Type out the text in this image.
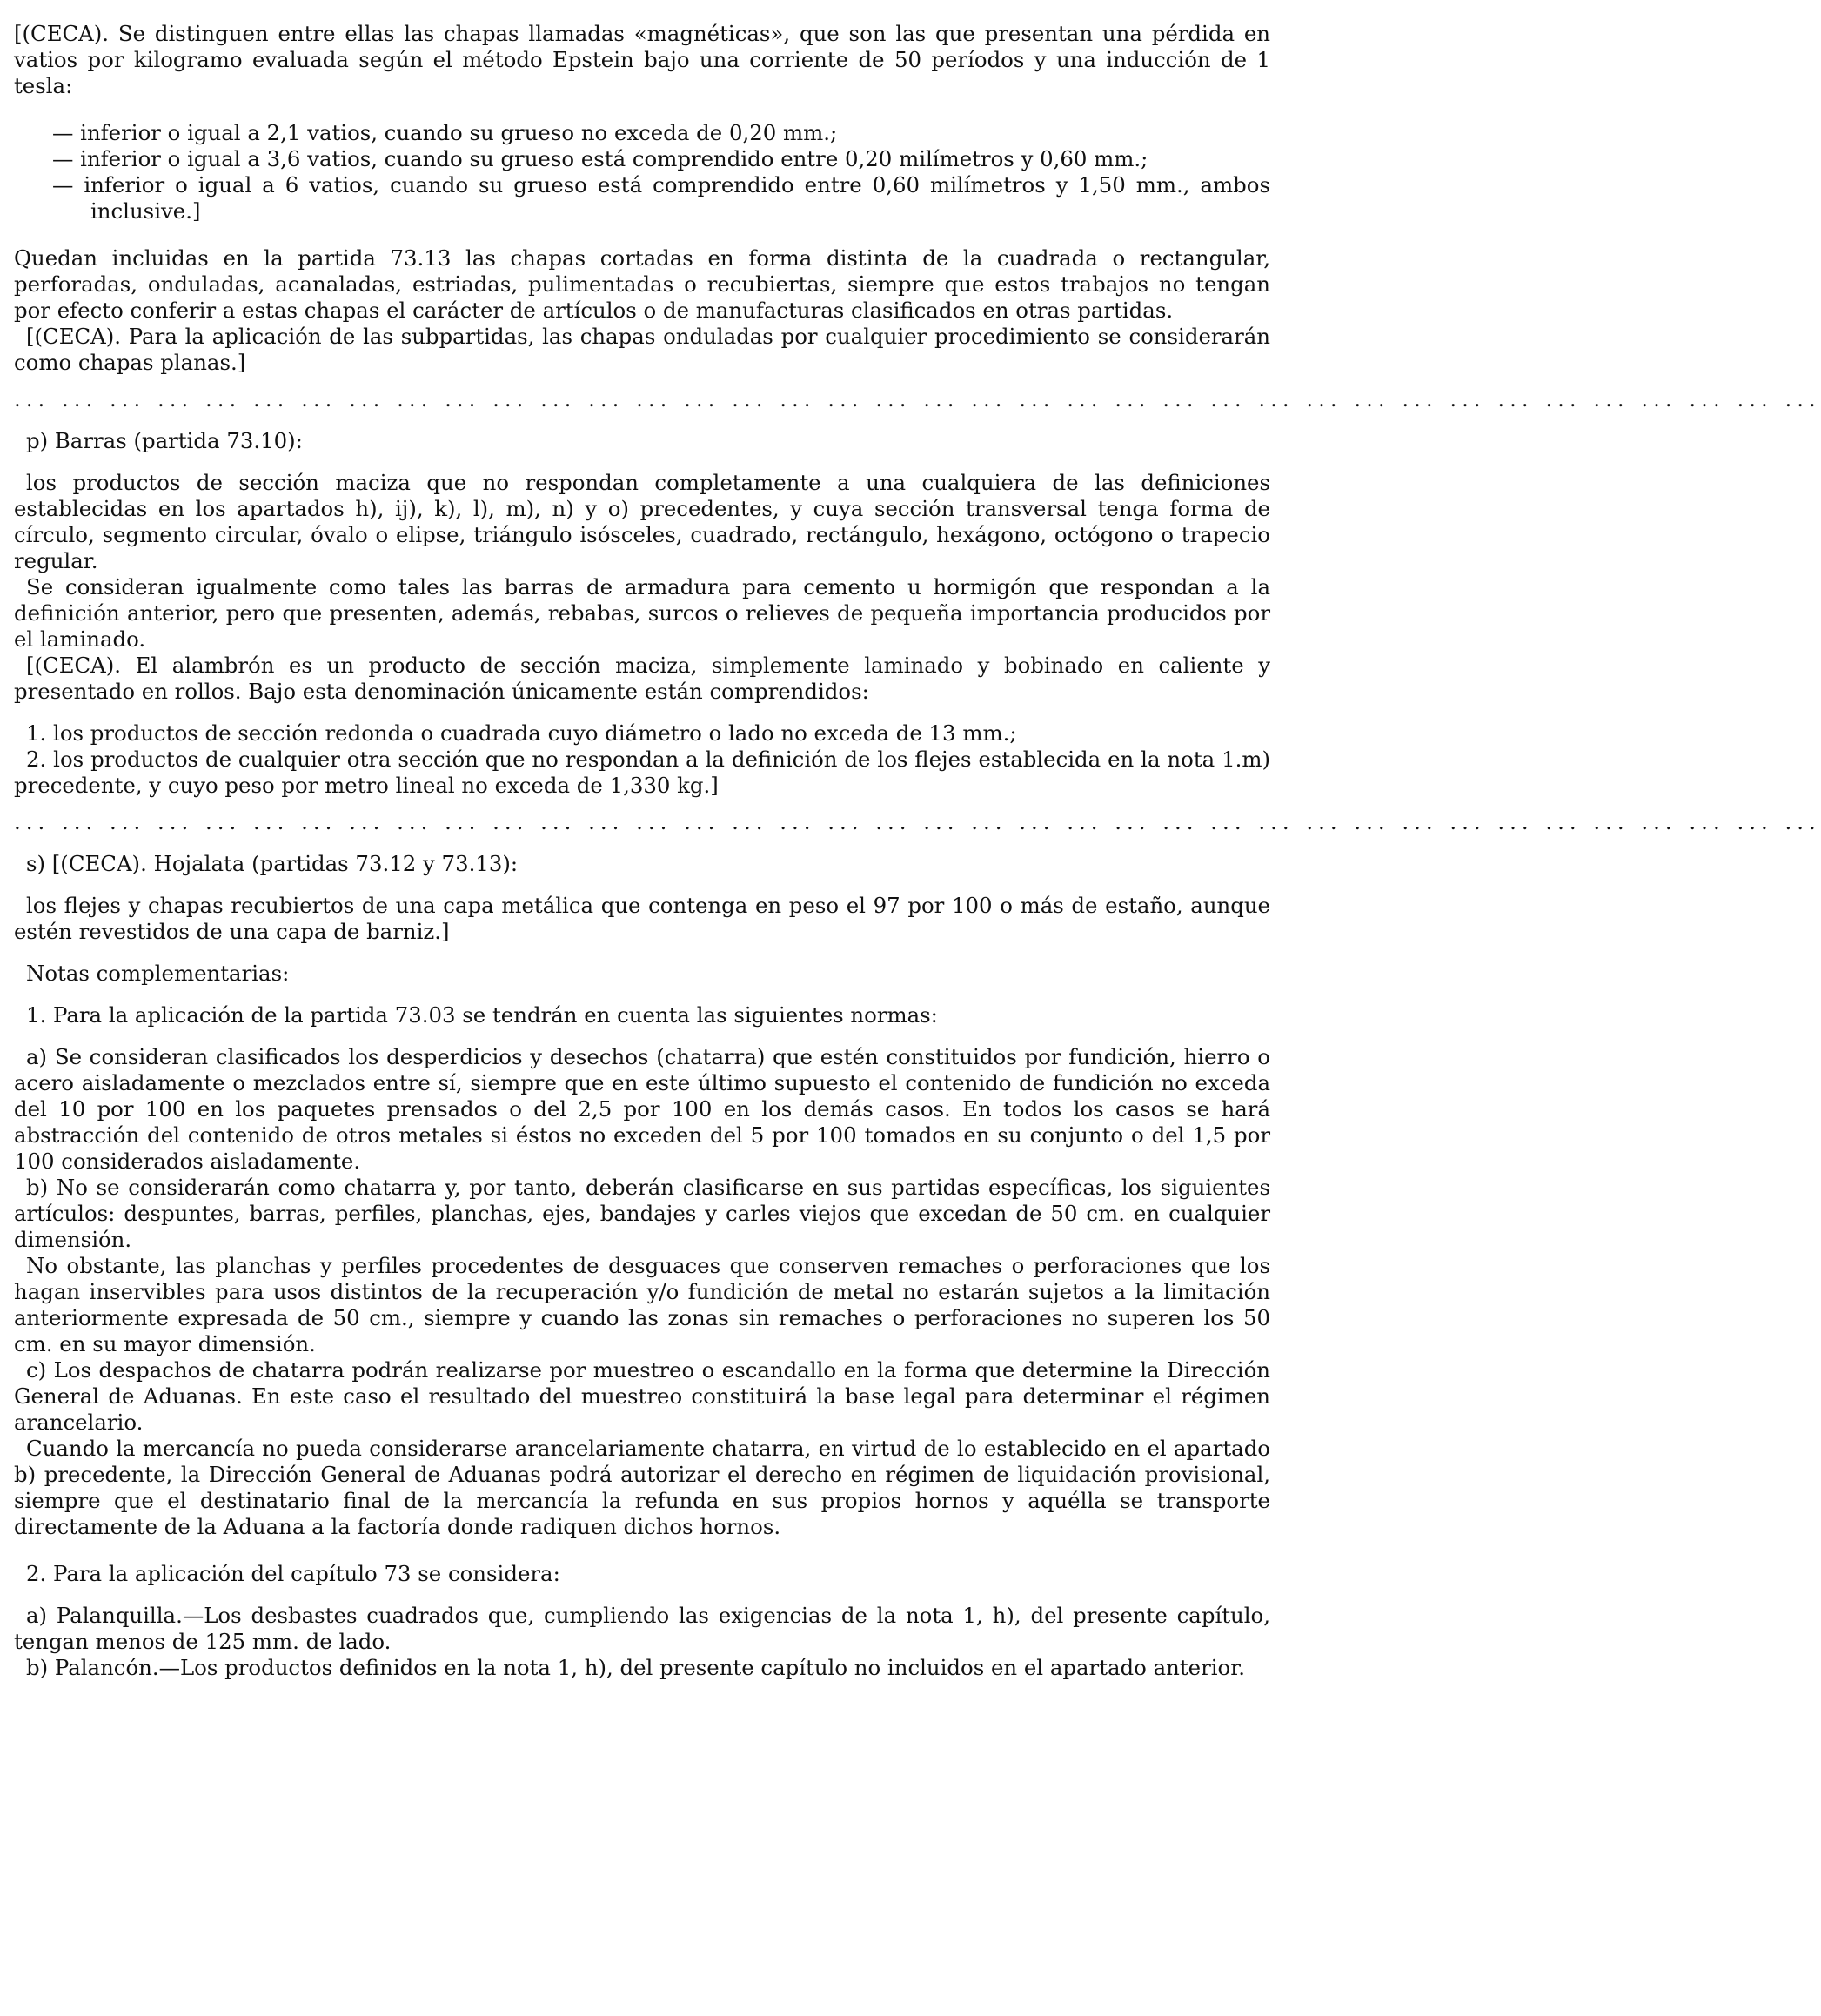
[(CECA). Se distinguen entre ellas las chapas llamadas «magnéticas», que son las que presentan una pérdida en vatios por kilogramo evaluada según el método Epstein bajo una corriente de 50 períodos y una inducción de 1 tesla:

— inferior o igual a 2,1 vatios, cuando su grueso no exceda de 0,20 mm.;

— inferior o igual a 3,6 vatios, cuando su grueso está comprendido entre 0,20 milímetros y 0,60 mm.;

— inferior o igual a 6 vatios, cuando su grueso está comprendido entre 0,60 milímetros y 1,50 mm., ambos inclusive.]

Quedan incluidas en la partida 73.13 las chapas cortadas en forma distinta de la cuadrada o rectangular, perforadas, onduladas, acanaladas, estriadas, pulimentadas o recubiertas, siempre que estos trabajos no tengan por efecto conferir a estas chapas el carácter de artículos o de manufacturas clasificados en otras partidas.

[(CECA). Para la aplicación de las subpartidas, las chapas onduladas por cualquier procedimiento se considerarán como chapas planas.]

... ... ... ... ... ... ... ... ... ... ... ... ... ... ... ... ... ... ... ... ... ... ... ... ... ... ... ... ... ... ... ... ... ... ... ... ... ...

p) Barras (partida 73.10):

los productos de sección maciza que no respondan completamente a una cualquiera de las definiciones establecidas en los apartados h), ij), k), l), m), n) y o) precedentes, y cuya sección transversal tenga forma de círculo, segmento circular, óvalo o elipse, triángulo isósceles, cuadrado, rectángulo, hexágono, octógono o trapecio regular.

Se consideran igualmente como tales las barras de armadura para cemento u hormigón que respondan a la definición anterior, pero que presenten, además, rebabas, surcos o relieves de pequeña importancia producidos por el laminado.

[(CECA). El alambrón es un producto de sección maciza, simplemente laminado y bobinado en caliente y presentado en rollos. Bajo esta denominación únicamente están comprendidos:

1. los productos de sección redonda o cuadrada cuyo diámetro o lado no exceda de 13 mm.;

2. los productos de cualquier otra sección que no respondan a la definición de los flejes establecida en la nota 1.m) precedente, y cuyo peso por metro lineal no exceda de 1,330 kg.]

... ... ... ... ... ... ... ... ... ... ... ... ... ... ... ... ... ... ... ... ... ... ... ... ... ... ... ... ... ... ... ... ... ... ... ... ... ...

s) [(CECA). Hojalata (partidas 73.12 y 73.13):

los flejes y chapas recubiertos de una capa metálica que contenga en peso el 97 por 100 o más de estaño, aunque estén revestidos de una capa de barniz.]

Notas complementarias:

1. Para la aplicación de la partida 73.03 se tendrán en cuenta las siguientes normas:

a) Se consideran clasificados los desperdicios y desechos (chatarra) que estén constituidos por fundición, hierro o acero aisladamente o mezclados entre sí, siempre que en este último supuesto el contenido de fundición no exceda del 10 por 100 en los paquetes prensados o del 2,5 por 100 en los demás casos. En todos los casos se hará abstracción del contenido de otros metales si éstos no exceden del 5 por 100 tomados en su conjunto o del 1,5 por 100 considerados aisladamente.

b) No se considerarán como chatarra y, por tanto, deberán clasificarse en sus partidas específicas, los siguientes artículos: despuntes, barras, perfiles, planchas, ejes, bandajes y carles viejos que excedan de 50 cm. en cualquier dimensión.

No obstante, las planchas y perfiles procedentes de desguaces que conserven remaches o perforaciones que los hagan inservibles para usos distintos de la recuperación y/o fundición de metal no estarán sujetos a la limitación anteriormente expresada de 50 cm., siempre y cuando las zonas sin remaches o perforaciones no superen los 50 cm. en su mayor dimensión.

c) Los despachos de chatarra podrán realizarse por muestreo o escandallo en la forma que determine la Dirección General de Aduanas. En este caso el resultado del muestreo constituirá la base legal para determinar el régimen arancelario.

Cuando la mercancía no pueda considerarse arancelariamente chatarra, en virtud de lo establecido en el apartado b) precedente, la Dirección General de Aduanas podrá autorizar el derecho en régimen de liquidación provisional, siempre que el destinatario final de la mercancía la refunda en sus propios hornos y aquélla se transporte directamente de la Aduana a la factoría donde radiquen dichos hornos.

2. Para la aplicación del capítulo 73 se considera:

a) Palanquilla.—Los desbastes cuadrados que, cumpliendo las exigencias de la nota 1, h), del presente capítulo, tengan menos de 125 mm. de lado.

b) Palancón.—Los productos definidos en la nota 1, h), del presente capítulo no incluidos en el apartado anterior.
